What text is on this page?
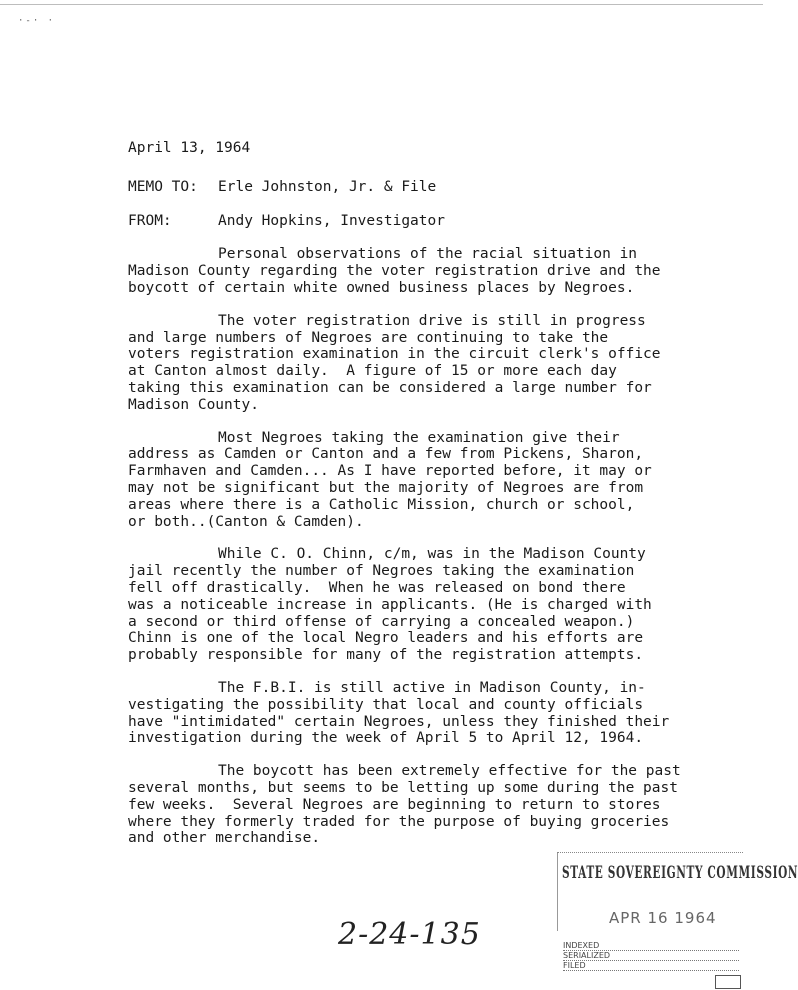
·-· ·
April 13, 1964
MEMO TO: Erle Johnston, Jr. & File
FROM:	Andy Hopkins, Investigator
Personal observations of the racial situation in
Madison County regarding the voter registration drive and the
boycott of certain white owned business places by Negroes.
The voter registration drive is still in progress
and large numbers of Negroes are continuing to take the
voters registration examination in the circuit clerk's office
at Canton almost daily.  A figure of 15 or more each day
taking this examination can be considered a large number for
Madison County.
Most Negroes taking the examination give their
address as Camden or Canton and a few from Pickens, Sharon,
Farmhaven and Camden... As I have reported before, it may or
may not be significant but the majority of Negroes are from
areas where there is a Catholic Mission, church or school,
or both..(Canton & Camden).
While C. O. Chinn, c/m, was in the Madison County
jail recently the number of Negroes taking the examination
fell off drastically.  When he was released on bond there
was a noticeable increase in applicants. (He is charged with
a second or third offense of carrying a concealed weapon.)
Chinn is one of the local Negro leaders and his efforts are
probably responsible for many of the registration attempts.
The F.B.I. is still active in Madison County, in-
vestigating the possibility that local and county officials
have "intimidated" certain Negroes, unless they finished their
investigation during the week of April 5 to April 12, 1964.
The boycott has been extremely effective for the past
several months, but seems to be letting up some during the past
few weeks.  Several Negroes are beginning to return to stores
where they formerly traded for the purpose of buying groceries
and other merchandise.
STATE SOVEREIGNTY COMMISSION
APR 16 1964
INDEXED
SERIALIZED
FILED
2-24-135
